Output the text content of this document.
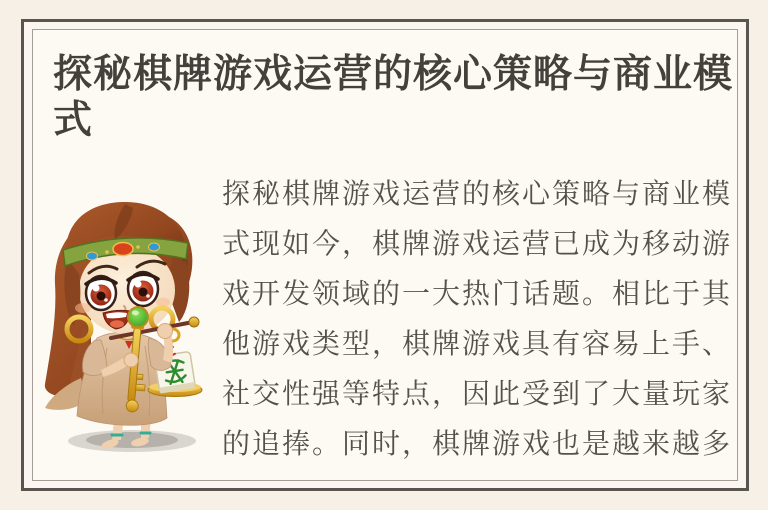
探秘棋牌游戏运营的核心策略与商业模
式
探秘棋牌游戏运营的核心策略与商业模
式现如今，棋牌游戏运营已成为移动游
戏开发领域的一大热门话题。相比于其
他游戏类型，棋牌游戏具有容易上手、
社交性强等特点，因此受到了大量玩家
的追捧。同时，棋牌游戏也是越来越多
